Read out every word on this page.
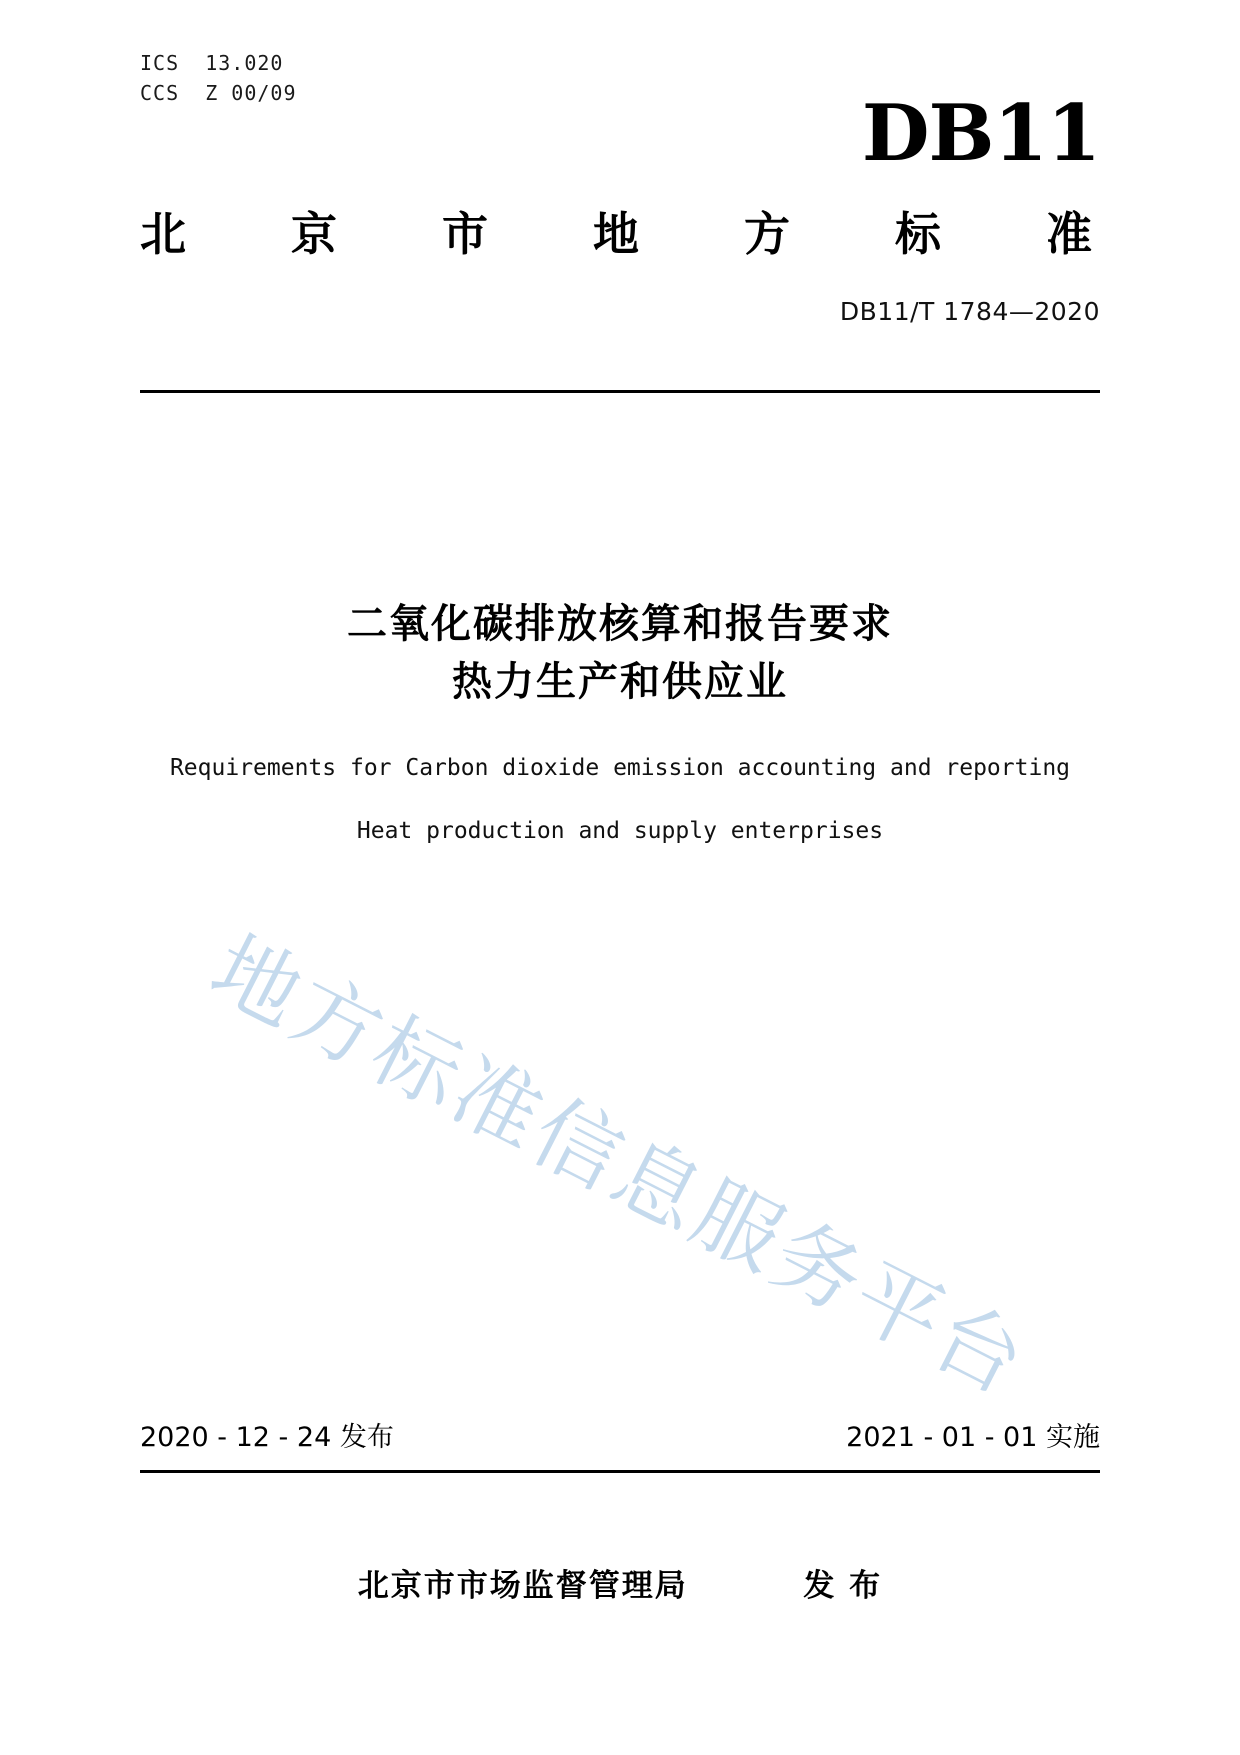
ICS  13.020
CCS  Z 00/09	DB11
北 京 市 地 方 标 准
DB11/T 1784—2020
二氧化碳排放核算和报告要求
热力生产和供应业
Requirements for Carbon dioxide emission accounting and reporting
Heat production and supply enterprises
地方标准信息服务平台
2020 - 12 - 24 发布	2021 - 01 - 01 实施
北京市市场监督管理局	发 布
